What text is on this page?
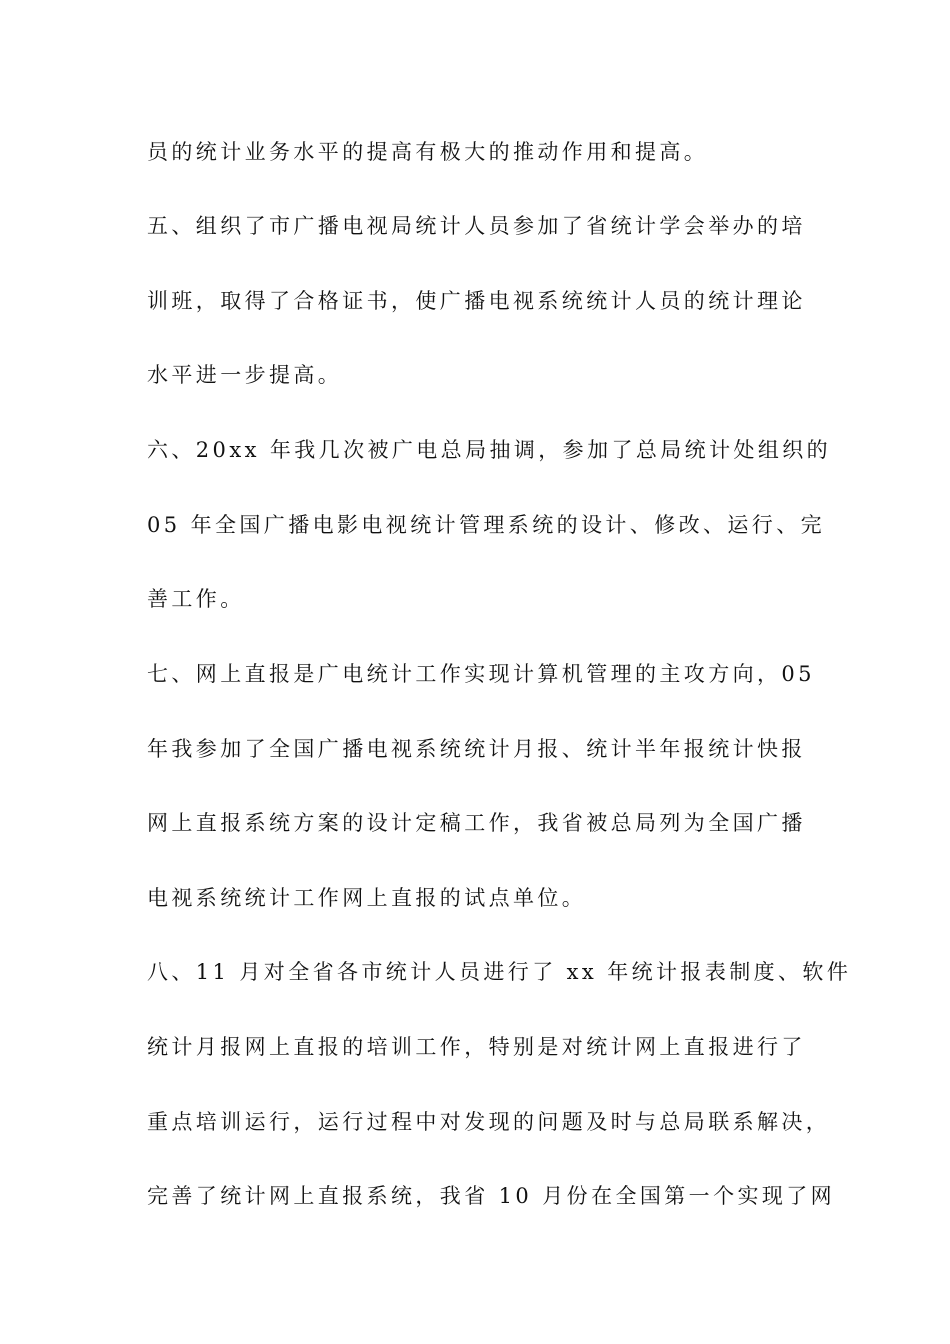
员的统计业务水平的提高有极大的推动作用和提高。
五、组织了市广播电视局统计人员参加了省统计学会举办的培
训班，取得了合格证书，使广播电视系统统计人员的统计理论
水平进一步提高。
六、20xx 年我几次被广电总局抽调，参加了总局统计处组织的
05 年全国广播电影电视统计管理系统的设计、修改、运行、完
善工作。
七、网上直报是广电统计工作实现计算机管理的主攻方向，05
年我参加了全国广播电视系统统计月报、统计半年报统计快报
网上直报系统方案的设计定稿工作，我省被总局列为全国广播
电视系统统计工作网上直报的试点单位。
八、11 月对全省各市统计人员进行了 xx 年统计报表制度、软件
统计月报网上直报的培训工作，特别是对统计网上直报进行了
重点培训运行，运行过程中对发现的问题及时与总局联系解决，
完善了统计网上直报系统，我省 10 月份在全国第一个实现了网
